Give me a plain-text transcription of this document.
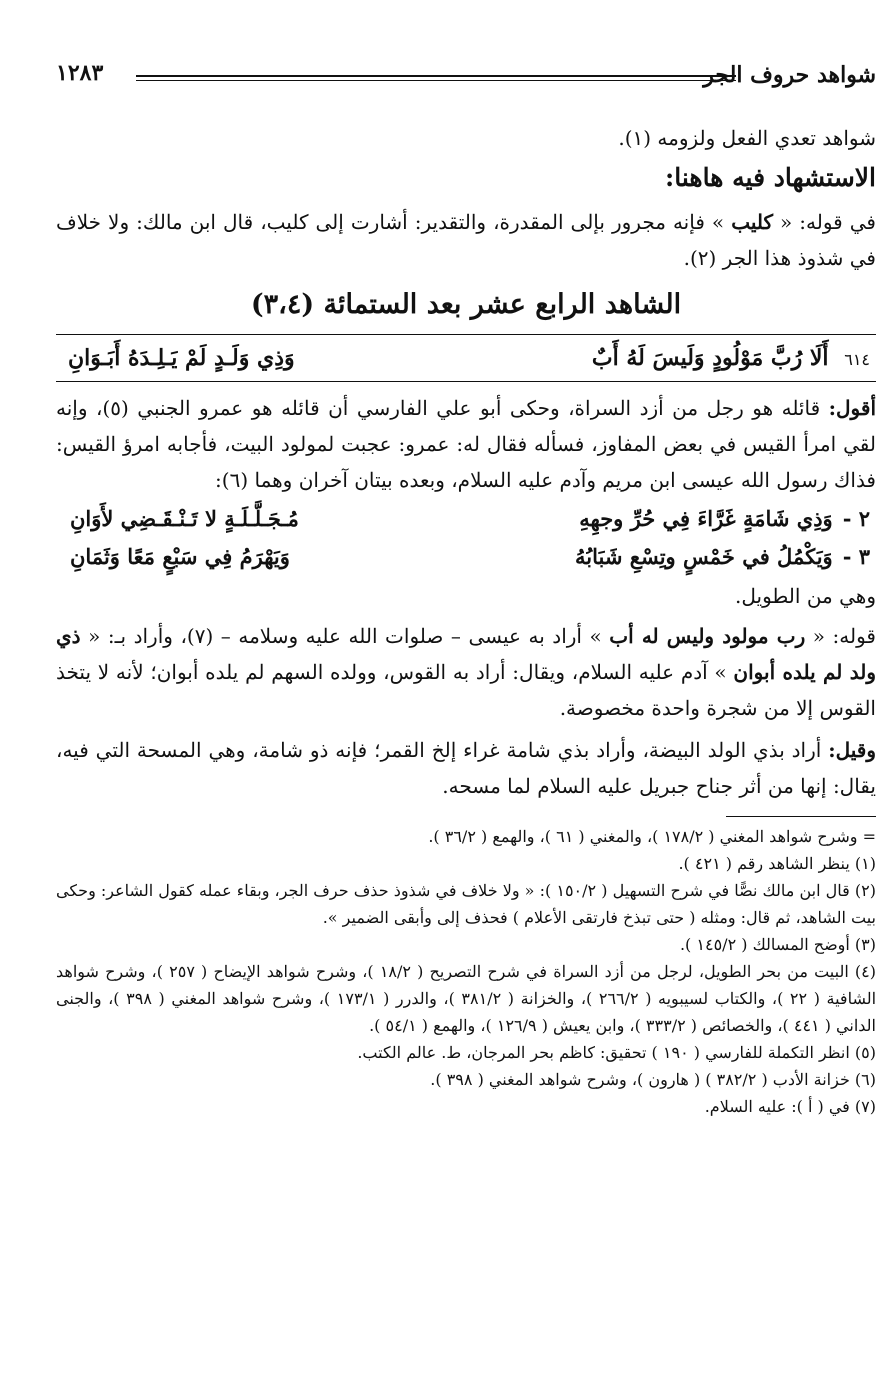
شواهد حروف الجر
١٢٨٣

شواهد تعدي الفعل ولزومه (١).

الاستشهاد فيه هاهنا:

في قوله: « كليب » فإنه مجرور بإلى المقدرة، والتقدير: أشارت إلى كليب، قال ابن مالك: ولا خلاف في شذوذ هذا الجر (٢).

الشاهد الرابع عشر بعد الستمائة (٣،٤)
٦١٤ أَلَا رُبَّ مَوْلُودٍ وَلَيسَ لَهُ أَبٌ
وَذِي وَلَـدٍ لَمْ يَـلِـدَهُ أَبَـوَانِ

أقول: قائله هو رجل من أزد السراة، وحكى أبو علي الفارسي أن قائله هو عمرو الجنبي (٥)، وإنه لقي امرأ القيس في بعض المفاوز، فسأله فقال له: عمرو: عجبت لمولود البيت، فأجابه امرؤ القيس: فذاك رسول الله عيسى ابن مريم وآدم عليه السلام، وبعده بيتان آخران وهما (٦):

٢ -
وَذِي شَامَةٍ غَرَّاءَ فِي حُرِّ وجهِهِ
مُـجَـلَّـلَـةٍ لا تَـنْـقَـضِي لأَوَانِ
٣ -
وَيَكْمُلُ في خَمْسٍ وتِسْعِ شَبَابُهُ
وَيَهْرَمُ فِي سَبْعٍ مَعًا وَثَمَانِ

وهي من الطويل.

قوله: « رب مولود وليس له أب » أراد به عيسى – صلوات الله عليه وسلامه – (٧)، وأراد بـ: « ذي ولد لم يلده أبوان » آدم عليه السلام، ويقال: أراد به القوس، وولده السهم لم يلده أبوان؛ لأنه لا يتخذ القوس إلا من شجرة واحدة مخصوصة.

وقيل: أراد بذي الولد البيضة، وأراد بذي شامة غراء إلخ القمر؛ فإنه ذو شامة، وهي المسحة التي فيه، يقال: إنها من أثر جناح جبريل عليه السلام لما مسحه.

= وشرح شواهد المغني ( ١٧٨/٢ )، والمغني ( ٦١ )، والهمع ( ٣٦/٢ ).

(١) ينظر الشاهد رقم ( ٤٢١ ).

(٢) قال ابن مالك نصًّا في شرح التسهيل ( ١٥٠/٢ ): « ولا خلاف في شذوذ حذف حرف الجر، وبقاء عمله كقول الشاعر: وحكى بيت الشاهد، ثم قال: ومثله ( حتى تبذخ فارتقى الأعلام ) فحذف إلى وأبقى الضمير ».

(٣) أوضح المسالك ( ١٤٥/٢ ).

(٤) البيت من بحر الطويل، لرجل من أزد السراة في شرح التصريح ( ١٨/٢ )، وشرح شواهد الإيضاح ( ٢٥٧ )، وشرح شواهد الشافية ( ٢٢ )، والكتاب لسيبويه ( ٢٦٦/٢ )، والخزانة ( ٣٨١/٢ )، والدرر ( ١٧٣/١ )، وشرح شواهد المغني ( ٣٩٨ )، والجنى الداني ( ٤٤١ )، والخصائص ( ٣٣٣/٢ )، وابن يعيش ( ١٢٦/٩ )، والهمع ( ٥٤/١ ).

(٥) انظر التكملة للفارسي ( ١٩٠ ) تحقيق: كاظم بحر المرجان، ط. عالم الكتب.

(٦) خزانة الأدب ( ٣٨٢/٢ ) ( هارون )، وشرح شواهد المغني ( ٣٩٨ ).

(٧) في ( أ ): عليه السلام.
